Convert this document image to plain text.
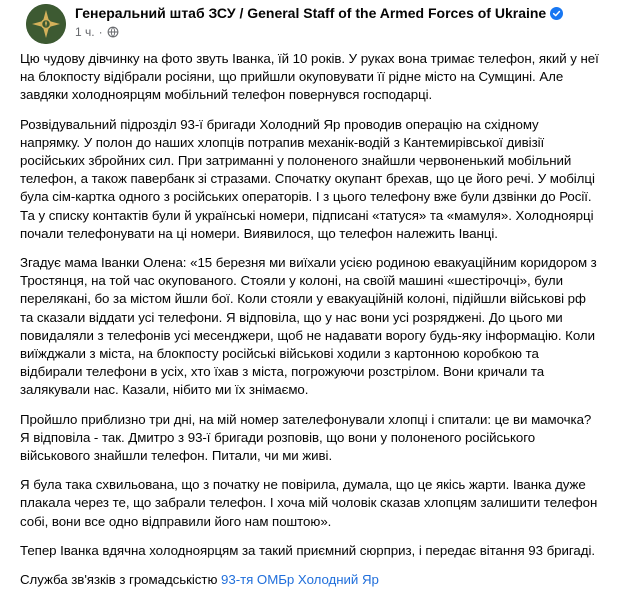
Генеральний штаб ЗСУ / General Staff of the Armed Forces of Ukraine
1 ч. ·

Цю чудову дівчинку на фото звуть Іванка, їй 10 років. У руках вона тримає телефон, який у неї на блокпосту відібрали росіяни, що прийшли окуповувати її рідне місто на Сумщині. Але завдяки холодноярцям мобільний телефон повернувся господарці.

Розвідувальний підрозділ 93-ї бригади Холодний Яр проводив операцію на східному напрямку. У полон до наших хлопців потрапив механік-водій з Кантемирівської дивізії російських збройних сил. При затриманні у полоненого знайшли червоненький мобільний телефон, а також павербанк зі стразами. Спочатку окупант брехав, що це його речі. У мобілці була сім-картка одного з російських операторів. І з цього телефону вже були дзвінки до Росії. Та у списку контактів були й українські номери, підписані «татуся» та «мамуля». Холодноярці почали телефонувати на ці номери. Виявилося, що телефон належить Іванці.

Згадує мама Іванки Олена: «15 березня ми виїхали усією родиною евакуаційним коридором з Тростянця, на той час окупованого. Стояли у колоні, на своїй машині «шестірочці», були перелякані, бо за містом йшли бої. Коли стояли у евакуаційній колоні, підійшли військові рф та сказали віддати усі телефони. Я відповіла, що у нас вони усі розряджені. До цього ми повидаляли з телефонів усі месенджери, щоб не надавати ворогу будь-яку інформацію. Коли виїжджали з міста, на блокпосту російські військові ходили з картонною коробкою та відбирали телефони в усіх, хто їхав з міста, погрожуючи розстрілом. Вони кричали та залякували нас. Казали, нібито ми їх знімаємо.

Пройшло приблизно три дні, на мій номер зателефонували хлопці і спитали: це ви мамочка? Я відповіла - так. Дмитро з 93-ї бригади розповів, що вони у полоненого російського військового знайшли телефон. Питали, чи ми живі.

Я була така схвильована, що з початку не повірила, думала, що це якісь жарти. Іванка дуже плакала через те, що забрали телефон. І хоча мій чоловік сказав хлопцям залишити телефон собі, вони все одно відправили його нам поштою».

Тепер Іванка вдячна холодноярцям за такий приємний сюрприз, і передає вітання 93 бригаді.

Служба зв'язків з громадськістю 93-тя ОМБр Холодний Яр
